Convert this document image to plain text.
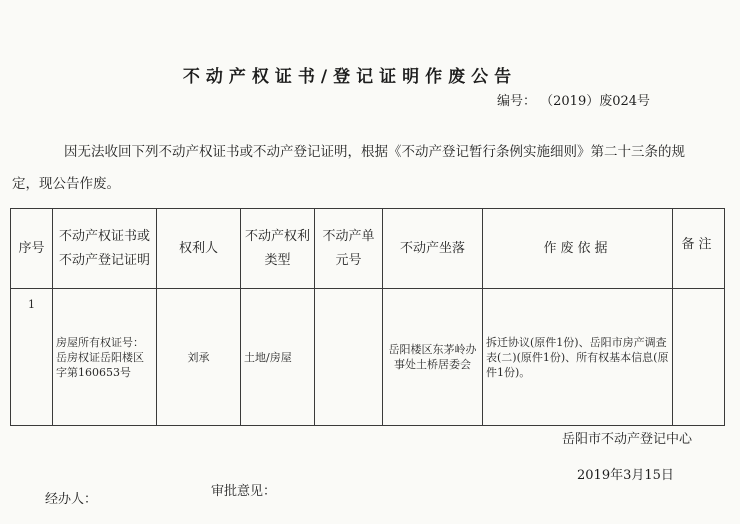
不动产权证书/登记证明作废公告
编号： （2019）废024号
因无法收回下列不动产权证书或不动产登记证明，根据《不动产登记暂行条例实施细则》第二十三条的规
定，现公告作废。
序号	不动产权证书或不动产登记证明	权利人	不动产权利类型	不动产单元号	不动产坐落	作废依据	备注
1	房屋所有权证号：岳房权证岳阳楼区字第160653号	刘承	土地/房屋		岳阳楼区东茅岭办事处土桥居委会	拆迁协议(原件1份)、岳阳市房产调查表(二)(原件1份)、所有权基本信息(原件1份)。	
岳阳市不动产登记中心
2019年3月15日
经办人：
审批意见：
